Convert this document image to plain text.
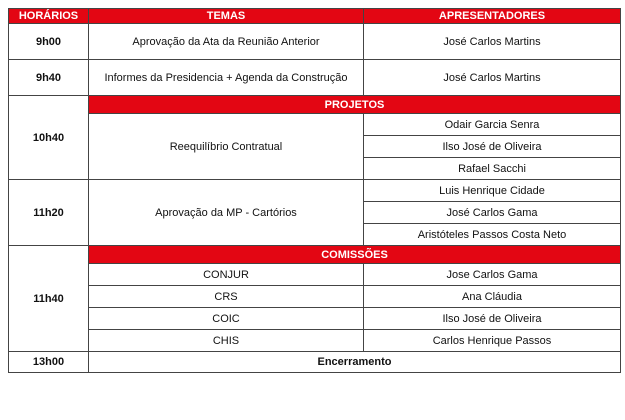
HORÁRIOS	TEMAS	APRESENTADORES
9h00	Aprovação da Ata da Reunião Anterior	José Carlos Martins
9h40	Informes da Presidencia + Agenda da Construção	José Carlos Martins
10h40	PROJETOS	
	Reequilíbrio Contratual	Odair Garcia Senra
		Ilso José de Oliveira
		Rafael Sacchi
11h20	Aprovação da MP - Cartórios	Luis Henrique Cidade
		José Carlos Gama
		Aristóteles Passos Costa Neto
11h40	COMISSÕES	
	CONJUR	Jose Carlos Gama
	CRS	Ana Cláudia
	COIC	Ilso José de Oliveira
	CHIS	Carlos Henrique Passos
13h00	Encerramento	
